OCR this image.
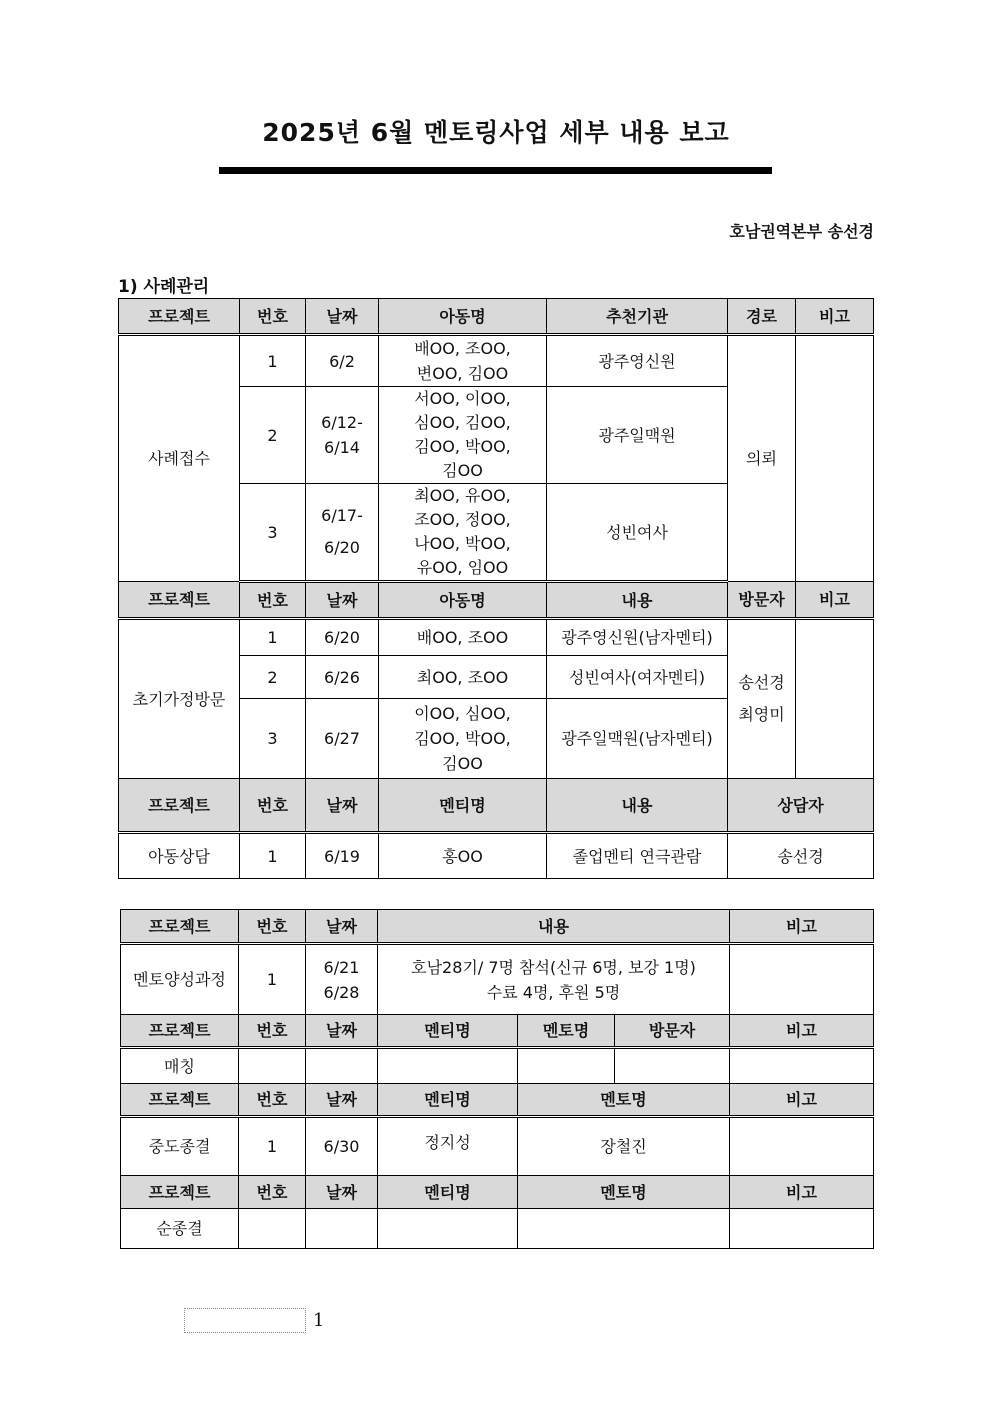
2025년 6월 멘토링사업 세부 내용 보고
호남권역본부 송선경
1) 사례관리
프로젝트	번호	날짜	아동명	추천기관	경로	비고
사례접수	1	6/2	배OO, 조OO,
변OO, 김OO	광주영신원	의뢰	
	2	6/12-
6/14	서OO, 이OO,
심OO, 김OO,
김OO, 박OO,
김OO	광주일맥원		
	3	6/17-
6/20	최OO, 유OO,
조OO, 정OO,
나OO, 박OO,
유OO, 임OO	성빈여사		
프로젝트	번호	날짜	아동명	내용	방문자	비고
초기가정방문	1	6/20	배OO, 조OO	광주영신원(남자멘티)	송선경
최영미	
	2	6/26	최OO, 조OO	성빈여사(여자멘티)		
	3	6/27	이OO, 심OO,
김OO, 박OO,
김OO	광주일맥원(남자멘티)		
프로젝트	번호	날짜	멘티명	내용	상담자	
아동상담	1	6/19	홍OO	졸업멘티 연극관람	송선경	
프로젝트	번호	날짜	내용			비고
멘토양성과정	1	6/21
6/28	호남28기/ 7명 참석(신규 6명, 보강 1명)
수료 4명, 후원 5명			
프로젝트	번호	날짜	멘티명	멘토명	방문자	비고
매칭						
프로젝트	번호	날짜	멘티명	멘토명		비고
중도종결	1	6/30	정지성	장철진		
프로젝트	번호	날짜	멘티명	멘토명		비고
순종결						
1
